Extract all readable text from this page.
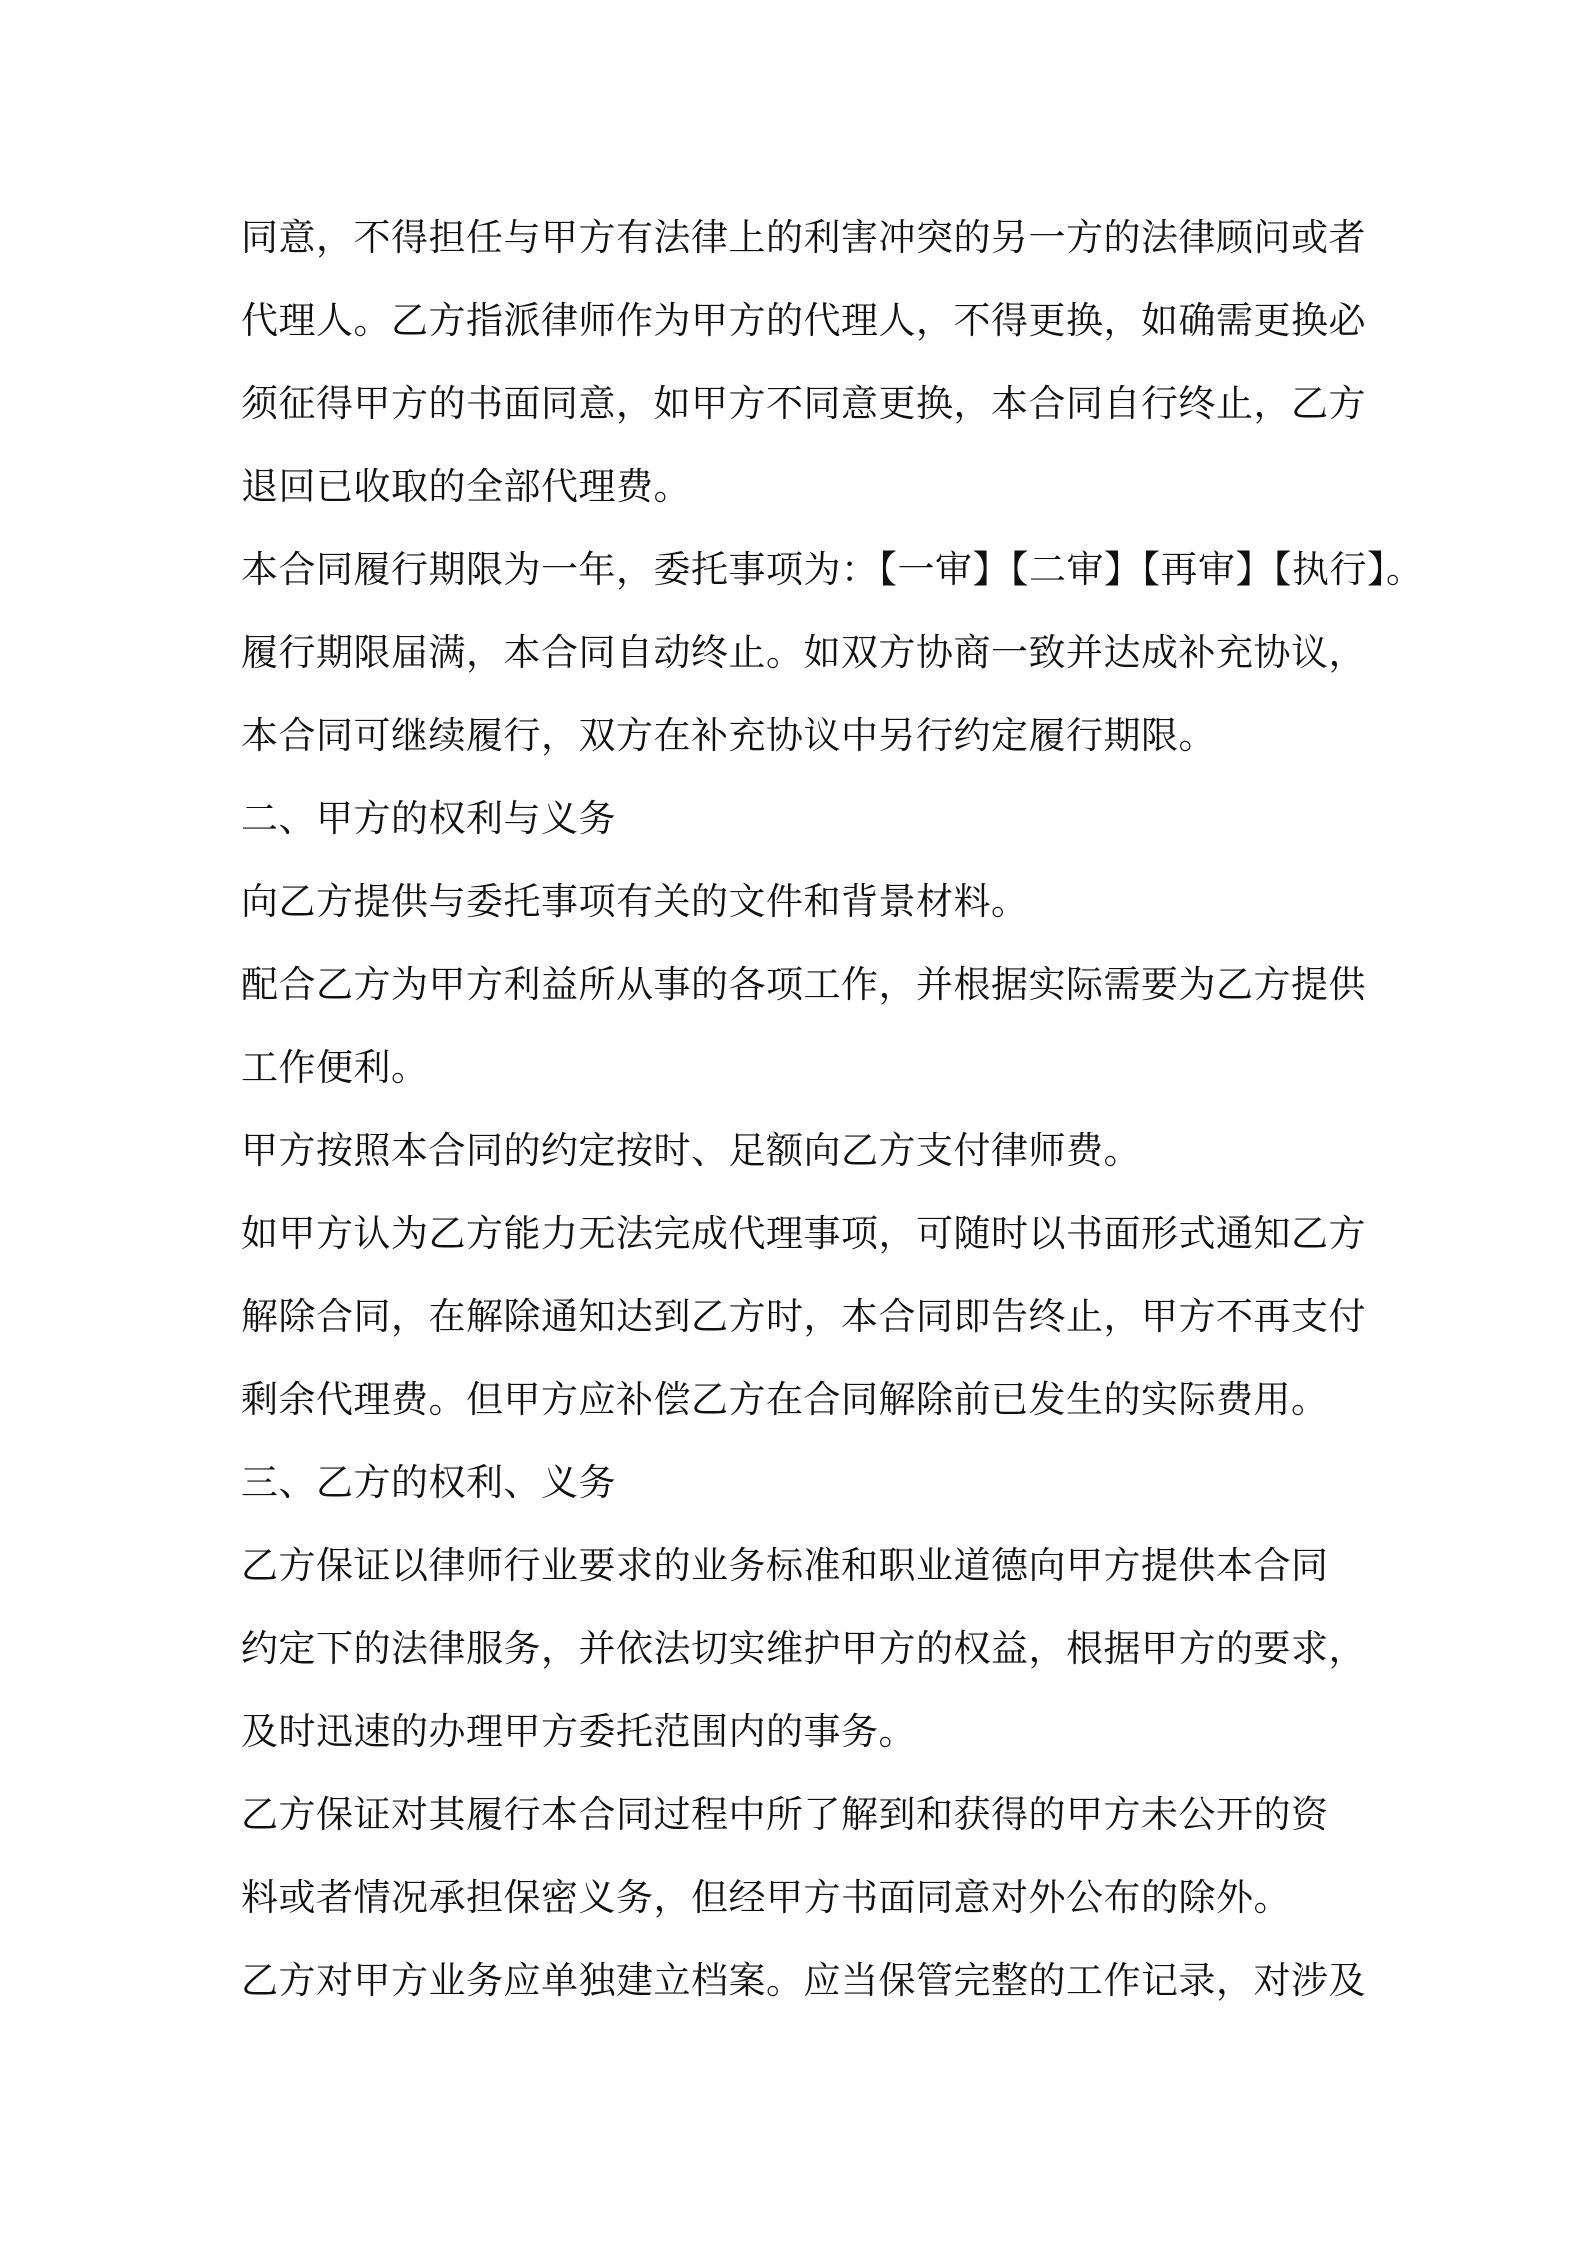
同意，不得担任与甲方有法律上的利害冲突的另一方的法律顾问或者
代理人。乙方指派律师作为甲方的代理人，不得更换，如确需更换必
须征得甲方的书面同意，如甲方不同意更换，本合同自行终止，乙方
退回已收取的全部代理费。
本合同履行期限为一年，委托事项为：【一审】【二审】【再审】【执行】。
履行期限届满，本合同自动终止。如双方协商一致并达成补充协议，
本合同可继续履行，双方在补充协议中另行约定履行期限。
二、甲方的权利与义务
向乙方提供与委托事项有关的文件和背景材料。
配合乙方为甲方利益所从事的各项工作，并根据实际需要为乙方提供
工作便利。
甲方按照本合同的约定按时、足额向乙方支付律师费。
如甲方认为乙方能力无法完成代理事项，可随时以书面形式通知乙方
解除合同，在解除通知达到乙方时，本合同即告终止，甲方不再支付
剩余代理费。但甲方应补偿乙方在合同解除前已发生的实际费用。
三、乙方的权利、义务
乙方保证以律师行业要求的业务标准和职业道德向甲方提供本合同
约定下的法律服务，并依法切实维护甲方的权益，根据甲方的要求，
及时迅速的办理甲方委托范围内的事务。
乙方保证对其履行本合同过程中所了解到和获得的甲方未公开的资
料或者情况承担保密义务，但经甲方书面同意对外公布的除外。
乙方对甲方业务应单独建立档案。应当保管完整的工作记录，对涉及
